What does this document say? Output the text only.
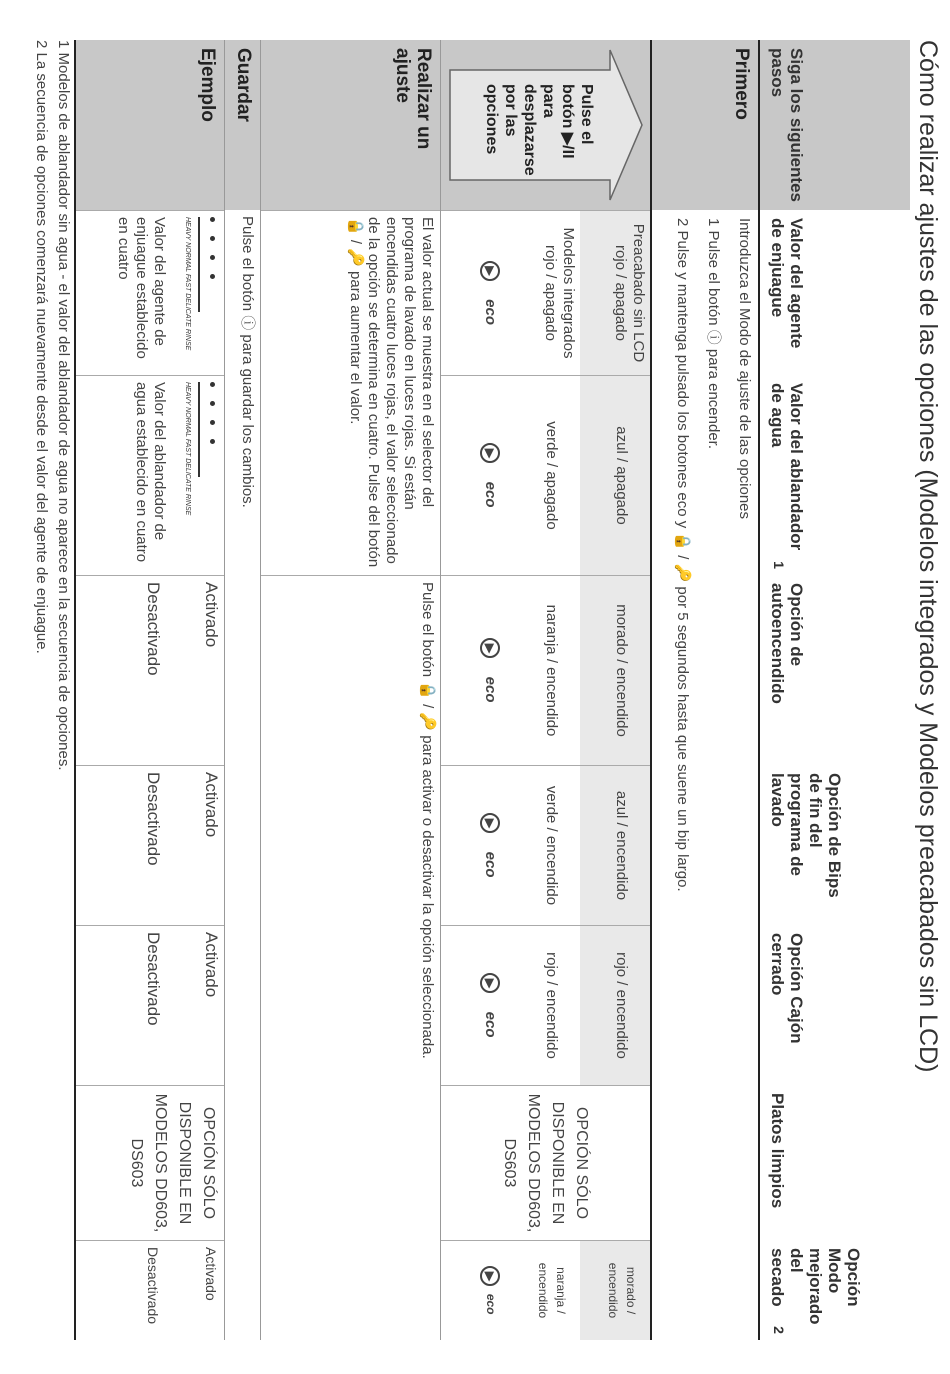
Cómo realizar ajustes de las opciones (Modelos integrados y Modelos preacabados sin LCD)
Siga los siguientes pasos
Valor del agente de enjuague
Valor del ablandador de agua
1
Opción de autoencendido
Opción de Bips de fin del programa de lavado
Opción Cajón cerrado
Platos limpios
Opción Modo mejorado del secado
2
Primero
Introduzca el Modo de ajuste de las opciones
1 Pulse el botón ⓘ para encender.
2 Pulse y mantenga pulsado los botones eco y 🔒 / 🔑 por 5 segundos hasta que suene un bip largo.
Pulse el botón ▶/II para desplazarse por las opciones
Preacabado sin LCD
rojo / apagado
Modelos integrados
rojo / apagado
▶ eco
azul / apagado
verde / apagado
▶ eco
morado / encendido
naranja / encendido
▶ eco
azul / encendido
verde / encendido
▶ eco
rojo / encendido
rojo / encendido
▶ eco
OPCIÓN SÓLO DISPONIBLE EN MODELOS DD603, DS603
morado / encendido
naranja / encendido
▶ eco
Realizar un ajuste
El valor actual se muestra en el selector del programa de lavado en luces rojas. Si están encendidas cuatro luces rojas, el valor seleccionado de la opción se determina en cuatro. Pulse del botón 🔒 / 🔑 para aumentar el valor.
Pulse el botón 🔒 / 🔑 para activar o desactivar la opción seleccionada.
Guardar
Pulse el botón ⓘ para guardar los cambios.
Ejemplo
HEAVY NORMAL FAST DELICATE RINSE
Valor del agente de enjuague establecido en cuatro
HEAVY NORMAL FAST DELICATE RINSE
Valor del ablandador de agua establecido en cuatro
Activado
Desactivado
Activado
Desactivado
Activado
Desactivado
OPCIÓN SÓLO DISPONIBLE EN MODELOS DD603, DS603
Activado
Desactivado
1 Modelos de ablandador sin agua - el valor del ablandador de agua no aparece en la secuencia de opciones.
2 La secuencia de opciones comenzará nuevamente desde el valor del agente de enjuague.
